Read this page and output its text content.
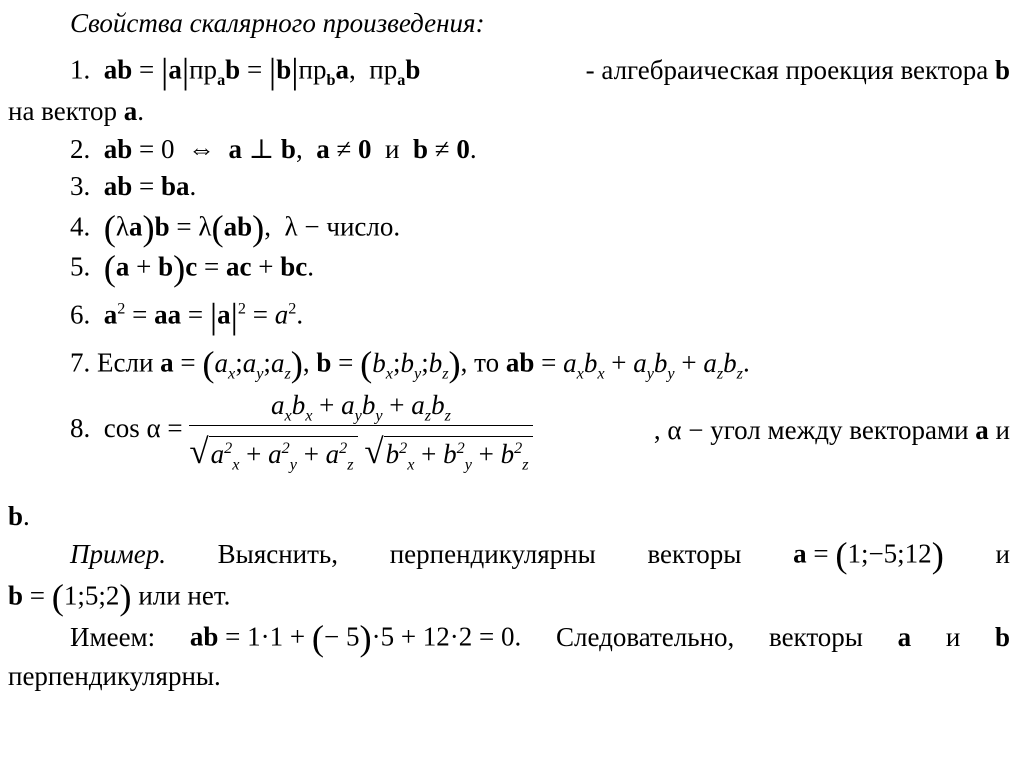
Свойства скалярного произведения:
1. ab = $|a|пр_ab = |b|пр_ba$,  $пр_ab$	- алгебраическая проекция вектора b
на вектор a.
2. ab = 0  ⇔  a ⊥ b,  a ≠ 0  и  b ≠ 0.
3. ab = ba.
4. (λa)b = λ(ab),  λ − число.
5. (a + b)c = ac + bc.
6. $a^2$ = aa = $|a|^2 = a^2$.
7. Если $a = (a_x;a_y;a_z)$, $b = (b_x;b_y;b_z)$, то ab = $a_xb_x + a_yb_y + a_zb_z$.
8.  $\cos \alpha = \frac{a_xb_x + a_yb_y + a_zb_z}{√a^2_x + a^2_y + a^2_z √b^2_x + b^2_y + b^2_z}$	, α − угол между векторами a и
b.
Пример. Выяснить, перпендикулярны векторы a = (1;−5;12) и
b = (1;5;2) или нет.
Имеем: ab = 1·1 + (− 5)·5 + 12·2 = 0. Следовательно, векторы a и b
перпендикулярны.
